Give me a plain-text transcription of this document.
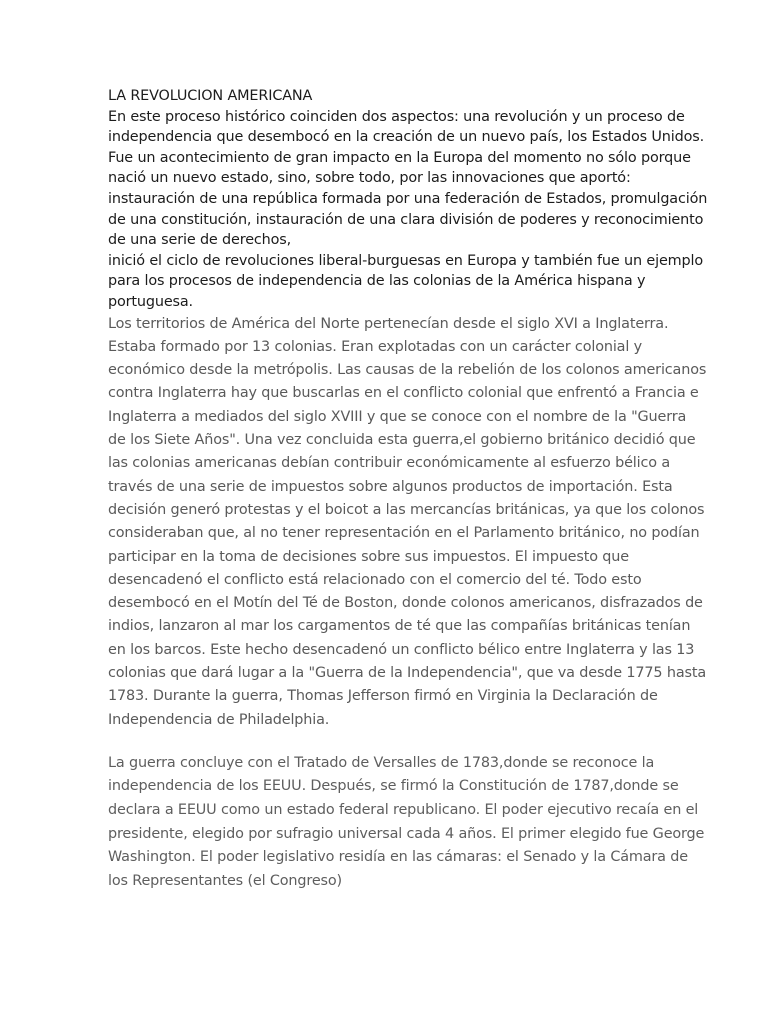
LA REVOLUCION AMERICANA

En este proceso histórico coinciden dos aspectos: una revolución y un proceso de independencia que desembocó en la creación de un nuevo país, los Estados Unidos.

Fue un acontecimiento de gran impacto en la Europa del momento no sólo porque nació un nuevo estado, sino, sobre todo, por las innovaciones que aportó: instauración de una república formada por una federación de Estados, promulgación de una constitución, instauración de una clara división de poderes y reconocimiento de una serie de derechos,

inició el ciclo de revoluciones liberal-burguesas en Europa y también fue un ejemplo para los procesos de independencia de las colonias de la América hispana y portuguesa.

Los territorios de América del Norte pertenecían desde el siglo XVI a Inglaterra. Estaba formado por 13 colonias. Eran explotadas con un carácter colonial y económico desde la metrópolis. Las causas de la rebelión de los colonos americanos contra Inglaterra hay que buscarlas en el conflicto colonial que enfrentó a Francia e Inglaterra a mediados del siglo XVIII y que se conoce con el nombre de la "Guerra de los Siete Años". Una vez concluida esta guerra,el gobierno británico decidió que las colonias americanas debían contribuir económicamente al esfuerzo bélico a través de una serie de impuestos sobre algunos productos de importación. Esta decisión generó protestas y el boicot a las mercancías británicas, ya que los colonos consideraban que, al no tener representación en el Parlamento británico, no podían participar en la toma de decisiones sobre sus impuestos. El impuesto que desencadenó el conflicto está relacionado con el comercio del té. Todo esto desembocó en el Motín del Té de Boston, donde colonos americanos, disfrazados de indios, lanzaron al mar los cargamentos de té que las compañías británicas tenían en los barcos. Este hecho desencadenó un conflicto bélico entre Inglaterra y las 13 colonias que dará lugar a la "Guerra de la Independencia", que va desde 1775 hasta 1783. Durante la guerra, Thomas Jefferson firmó en Virginia la Declaración de Independencia de Philadelphia.

La guerra concluye con el Tratado de Versalles de 1783,donde se reconoce la independencia de los EEUU. Después, se firmó la Constitución de 1787,donde se declara a EEUU como un estado federal republicano. El poder ejecutivo recaía en el presidente, elegido por sufragio universal cada 4 años. El primer elegido fue George Washington. El poder legislativo residía en las cámaras: el Senado y la Cámara de los Representantes (el Congreso)
